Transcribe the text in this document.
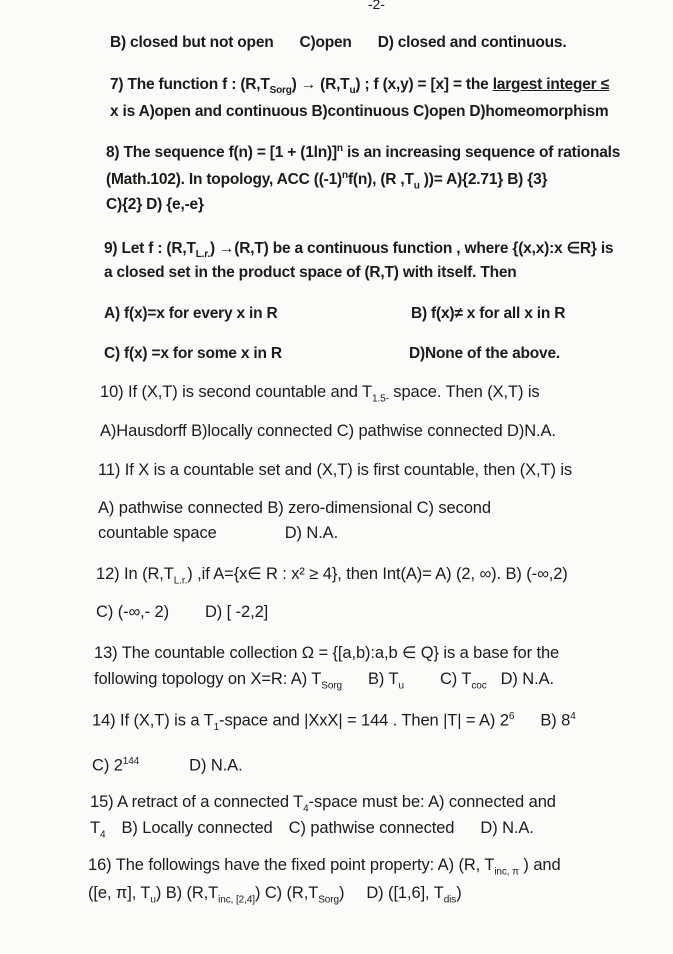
-2-
B) closed but not open C)open D) closed and continuous.
7) The function f : $(R,T_{Sorg}) \to (R,T_u)$ ; f (x,y) = [x] = the largest integer ≤
x is A)open and continuous B)continuous C)open D)homeomorphism
8) The sequence $f(n) = [1 + (1\ln)]^n$ is an increasing sequence of rationals
(Math.102). In topology, ACC ($(-1)^nf(n)$, (R $,T_u$ ))= A){2.71} B) {3}
C){2} D) {e,-e}
9) Let f : $(R,T_{L.r.}) \to(R,T)$ be a continuous function , where {(x,x):x ∈R} is
a closed set in the product space of (R,T) with itself. Then
A) f(x)=x for every x in R	B) f(x)≠ x for all x in R
C) f(x) =x for some x in R	D)None of the above.
10) If (X,T) is second countable and $T_{1.5-}$ space. Then (X,T) is
A)Hausdorff B)locally connected C) pathwise connected D)N.A.
11) If X is a countable set and (X,T) is first countable, then (X,T) is
A) pathwise connected B) zero-dimensional C) second
countable space	D) N.A.
12) In $(R,T_{L.r.})$ ,if A={x∈ R : x² ≥ 4}, then Int(A)= A) (2, ∞). B) (-∞,2)
C) (-∞,- 2) D) [ -2,2]
13) The countable collection Ω = {[a,b):a,b ∈ Q} is a base for the
following topology on X=R: A) $T_{Sorg}$ B) $T_u$ C) $T_{coc}$ D) N.A.
14) If (X,T) is a $T_1$-space and |XxX| = 144 . Then |T| = A) $2^6$ B) $8^4$
C) $2^{144}$	D) N.A.
15) A retract of a connected $T_4$-space must be: A) connected and
$T_4$ B) Locally connected C) pathwise connected D) N.A.
16) The followings have the fixed point property: A) (R, $T_{inc, \pi}$ ) and
([e, π], $T_u$) B) $(R,T_{inc, [2,4]})$ C) $(R,T_{Sorg})$ D) ([1,6], $T_{dis}$)
